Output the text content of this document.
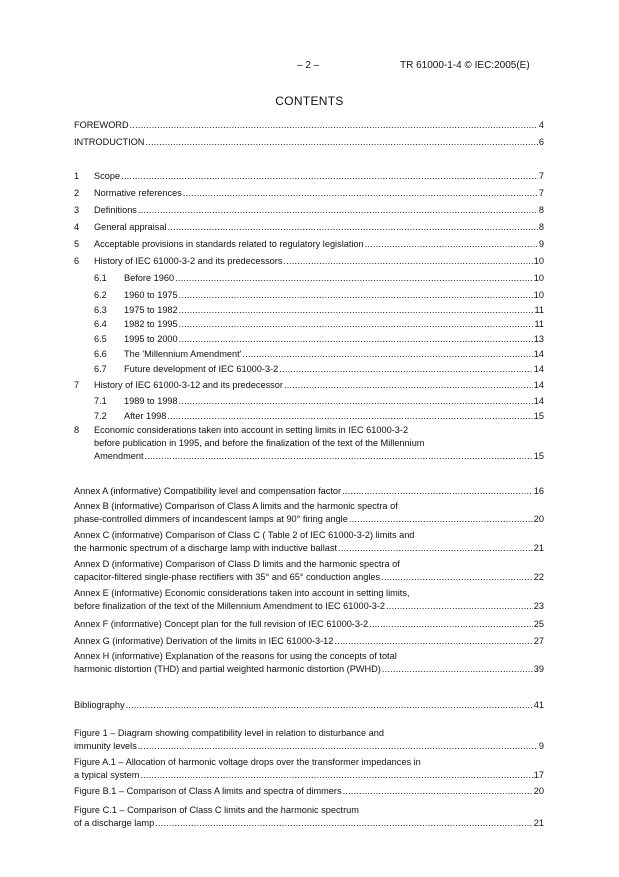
– 2 –	TR 61000-1-4 © IEC:2005(E)
CONTENTS
FOREWORD .....	4
INTRODUCTION .....	6
1 Scope .....	7
2 Normative references .....	7
3 Definitions .....	8
4 General appraisal .....	8
5 Acceptable provisions in standards related to regulatory legislation .....	9
6 History of IEC 61000-3-2 and its predecessors .....	10
6.1 Before 1960 .....	10
6.2 1960 to 1975 .....	10
6.3 1975 to 1982 .....	11
6.4 1982 to 1995 .....	11
6.5 1995 to 2000 .....	13
6.6 The 'Millennium Amendment' .....	14
6.7 Future development of IEC 61000-3-2 .....	14
7 History of IEC 61000-3-12 and its predecessor .....	14
7.1 1989 to 1998 .....	14
7.2 After 1998 .....	15
8 Economic considerations taken into account in setting limits in IEC 61000-3-2
before publication in 1995, and before the finalization of the text of the Millennium
Amendment .....	15
Annex A (informative) Compatibility level and compensation factor .....	16
Annex B (informative) Comparison of Class A limits and the harmonic spectra of
phase-controlled dimmers of incandescent lamps at 90° firing angle .....	20
Annex C (informative) Comparison of Class C ( Table 2 of IEC 61000-3-2) limits and
the harmonic spectrum of a discharge lamp with inductive ballast .....	21
Annex D (informative) Comparison of Class D limits and the harmonic spectra of
capacitor-filtered single-phase rectifiers with 35° and 65° conduction angles .....	22
Annex E (informative) Economic considerations taken into account in setting limits,
before finalization of the text of the Millennium Amendment to IEC 61000-3-2 .....	23
Annex F (informative) Concept plan for the full revision of IEC 61000-3-2 .....	25
Annex G (informative) Derivation of the limits in IEC 61000-3-12 .....	27
Annex H (informative) Explanation of the reasons for using the concepts of total
harmonic distortion (THD) and partial weighted harmonic distortion (PWHD) .....	39
Bibliography .....	41
Figure 1 – Diagram showing compatibility level in relation to disturbance and
immunity levels .....	9
Figure A.1 – Allocation of harmonic voltage drops over the transformer impedances in
a typical system .....	17
Figure B.1 – Comparison of Class A limits and spectra of dimmers .....	20
Figure C.1 – Comparison of Class C limits and the harmonic spectrum
of a discharge lamp .....	21
